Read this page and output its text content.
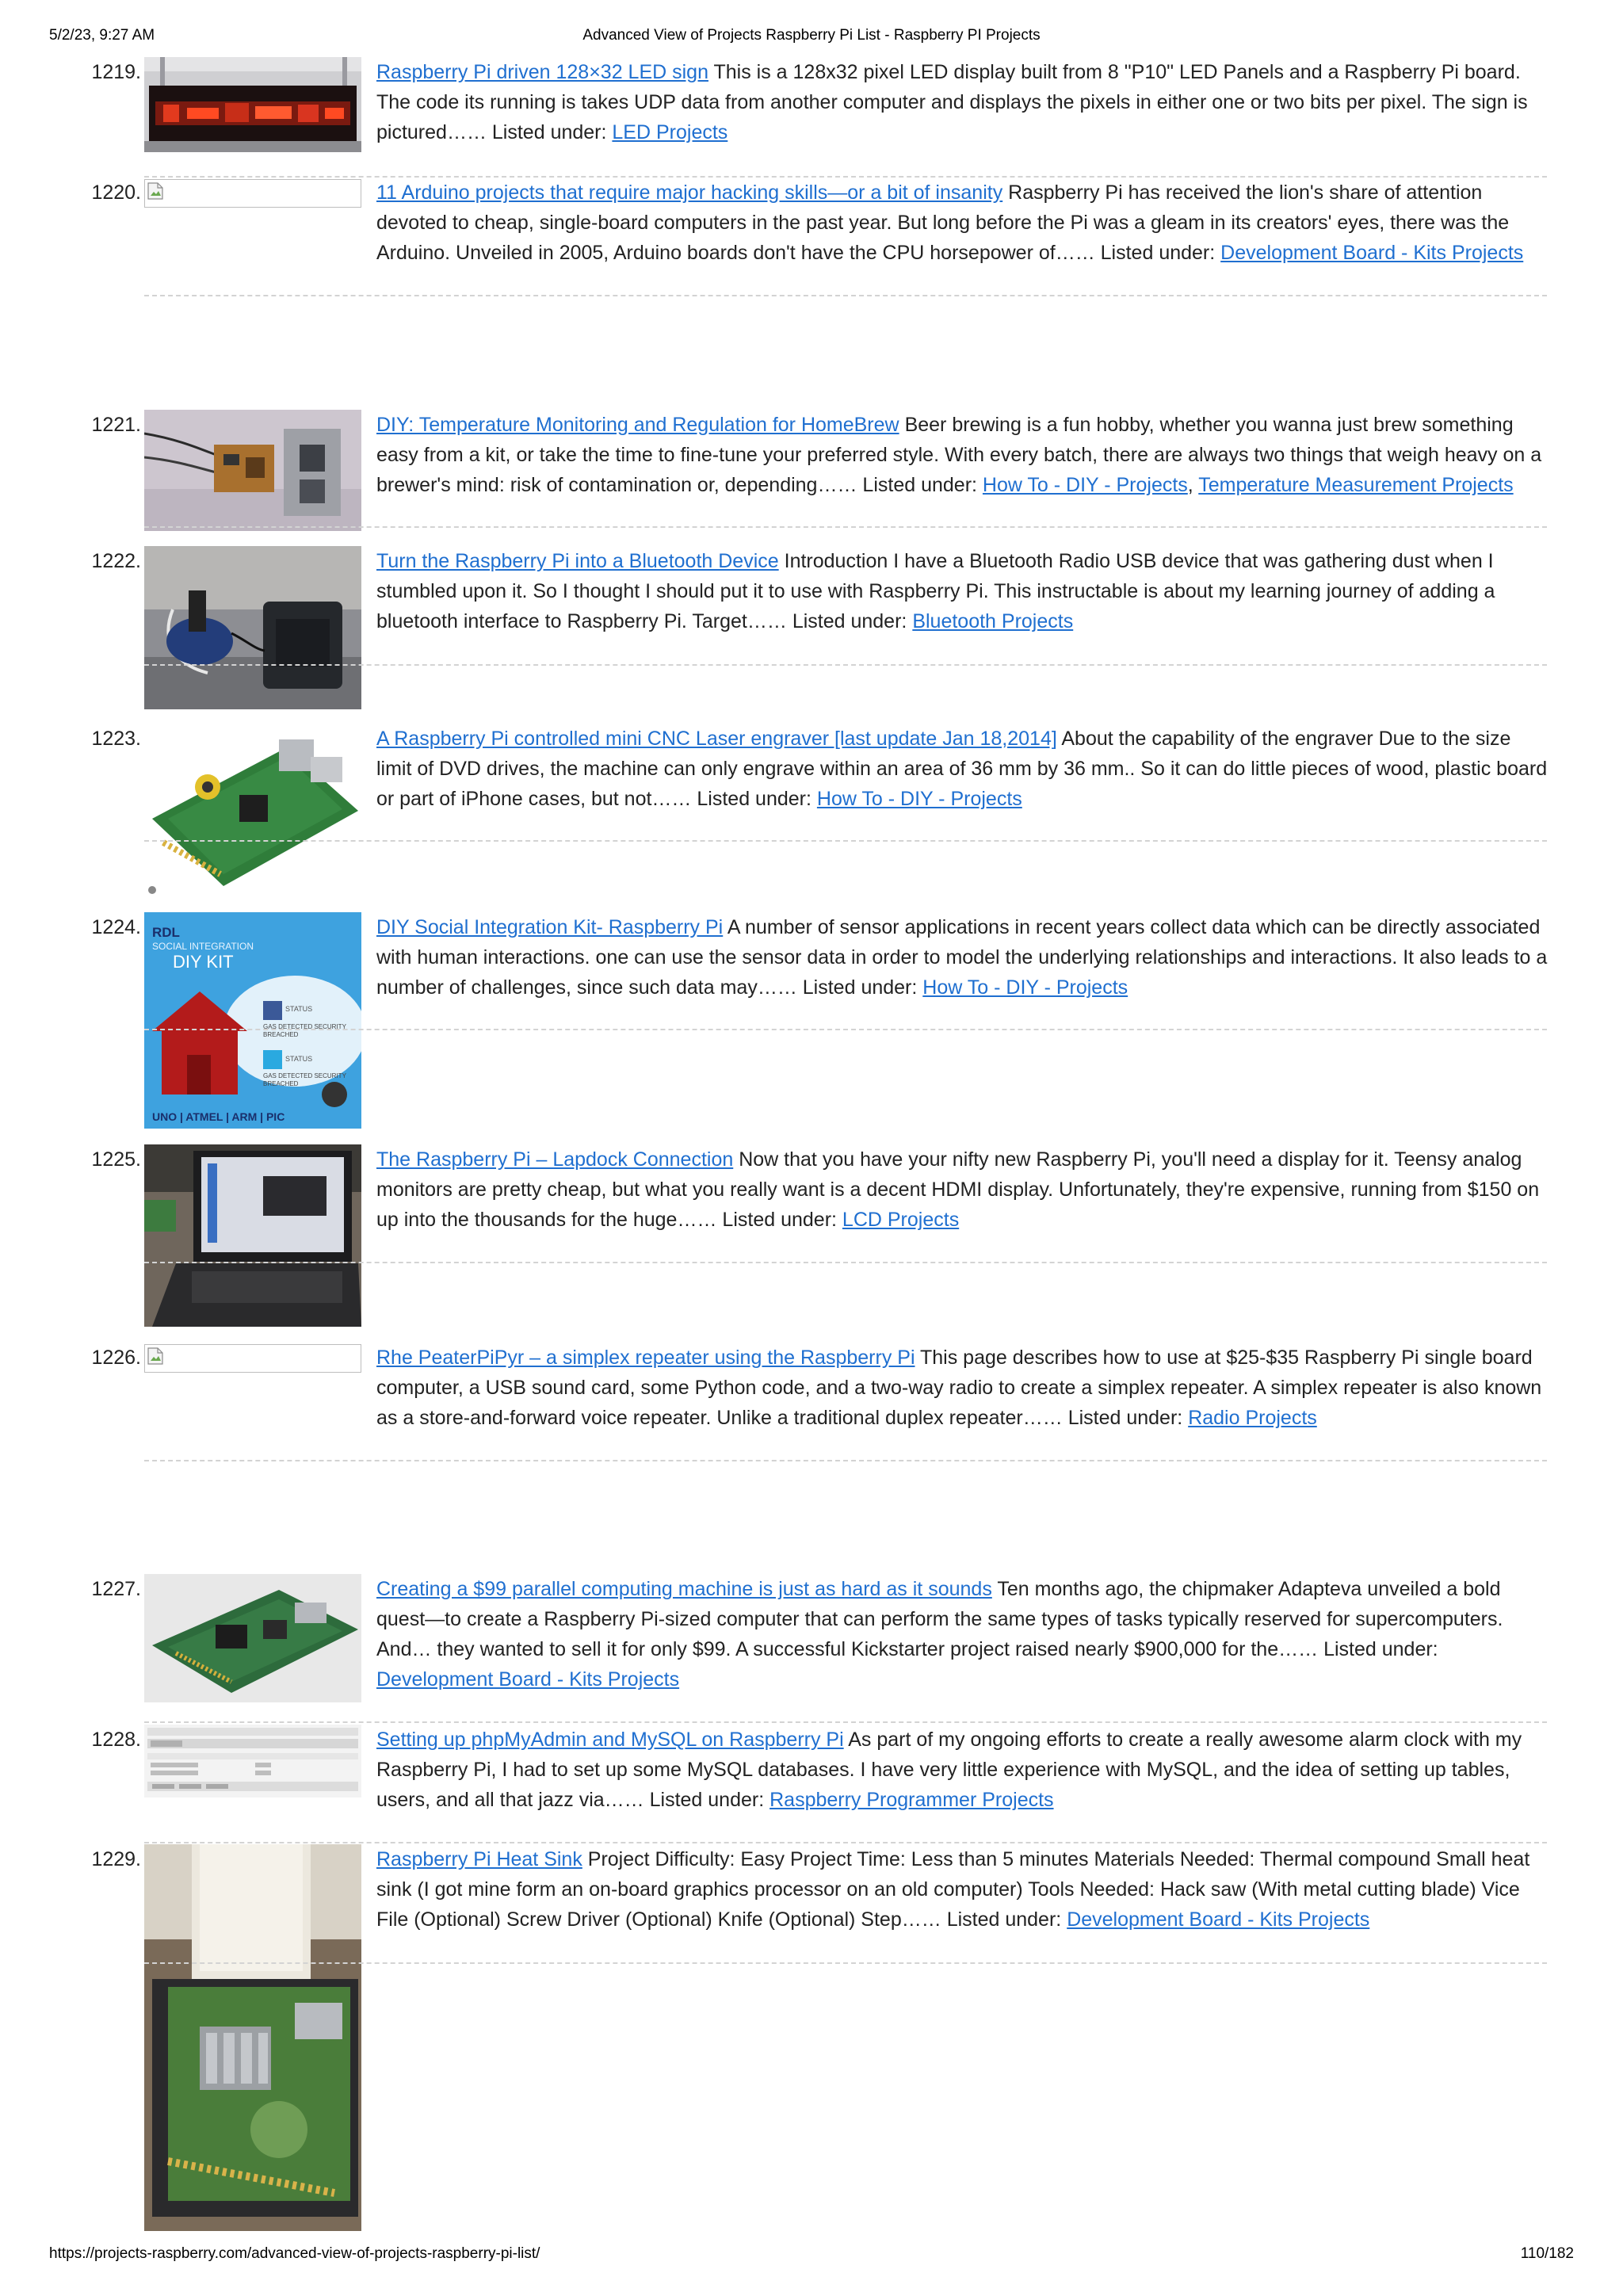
5/2/23, 9:27 AM	Advanced View of Projects Raspberry Pi List - Raspberry PI Projects
1219.	Raspberry Pi driven 128×32 LED sign This is a 128x32 pixel LED display built from 8 "P10" LED Panels and a Raspberry Pi board. The code its running is takes UDP data from another computer and displays the pixels in either one or two bits per pixel. The sign is pictured…… Listed under: LED Projects
1220.	11 Arduino projects that require major hacking skills—or a bit of insanity Raspberry Pi has received the lion's share of attention devoted to cheap, single-board computers in the past year. But long before the Pi was a gleam in its creators' eyes, there was the Arduino. Unveiled in 2005, Arduino boards don't have the CPU horsepower of…… Listed under: Development Board - Kits Projects
1221.	DIY: Temperature Monitoring and Regulation for HomeBrew Beer brewing is a fun hobby, whether you wanna just brew something easy from a kit, or take the time to fine-tune your preferred style. With every batch, there are always two things that weigh heavy on a brewer's mind: risk of contamination or, depending…… Listed under: How To - DIY - Projects, Temperature Measurement Projects
1222.	Turn the Raspberry Pi into a Bluetooth Device Introduction I have a Bluetooth Radio USB device that was gathering dust when I stumbled upon it. So I thought I should put it to use with Raspberry Pi. This instructable is about my learning journey of adding a bluetooth interface to Raspberry Pi. Target…… Listed under: Bluetooth Projects
1223.	A Raspberry Pi controlled mini CNC Laser engraver [last update Jan 18,2014] About the capability of the engraver Due to the size limit of DVD drives, the machine can only engrave within an area of 36 mm by 36 mm.. So it can do little pieces of wood, plastic board or part of iPhone cases, but not…… Listed under: How To - DIY - Projects
1224. RDL
SOCIAL INTEGRATION
DIY KIT
STATUS
GAS DETECTED SECURITY BREACHED
STATUS
GAS DETECTED SECURITY BREACHED
UNO | ATMEL | ARM | PIC
DIY Social Integration Kit- Raspberry Pi A number of sensor applications in recent years collect data which can be directly associated with human interactions. one can use the sensor data in order to model the underlying relationships and interactions. It also leads to a number of challenges, since such data may…… Listed under: How To - DIY - Projects
1225.	The Raspberry Pi – Lapdock Connection Now that you have your nifty new Raspberry Pi, you'll need a display for it. Teensy analog monitors are pretty cheap, but what you really want is a decent HDMI display. Unfortunately, they're expensive, running from $150 on up into the thousands for the huge…… Listed under: LCD Projects
1226.	Rhe PeaterPiPyr – a simplex repeater using the Raspberry Pi This page describes how to use at $25-$35 Raspberry Pi single board computer, a USB sound card, some Python code, and a two-way radio to create a simplex repeater. A simplex repeater is also known as a store-and-forward voice repeater. Unlike a traditional duplex repeater…… Listed under: Radio Projects
1227.	Creating a $99 parallel computing machine is just as hard as it sounds Ten months ago, the chipmaker Adapteva unveiled a bold quest—to create a Raspberry Pi-sized computer that can perform the same types of tasks typically reserved for supercomputers. And… they wanted to sell it for only $99. A successful Kickstarter project raised nearly $900,000 for the…… Listed under: Development Board - Kits Projects
1228.	Setting up phpMyAdmin and MySQL on Raspberry Pi As part of my ongoing efforts to create a really awesome alarm clock with my Raspberry Pi, I had to set up some MySQL databases. I have very little experience with MySQL, and the idea of setting up tables, users, and all that jazz via…… Listed under: Raspberry Programmer Projects
1229.	Raspberry Pi Heat Sink Project Difficulty: Easy Project Time: Less than 5 minutes Materials Needed: Thermal compound Small heat sink (I got mine form an on-board graphics processor on an old computer) Tools Needed: Hack saw (With metal cutting blade) Vice File (Optional) Screw Driver (Optional) Knife (Optional) Step…… Listed under: Development Board - Kits Projects
https://projects-raspberry.com/advanced-view-of-projects-raspberry-pi-list/	110/182
